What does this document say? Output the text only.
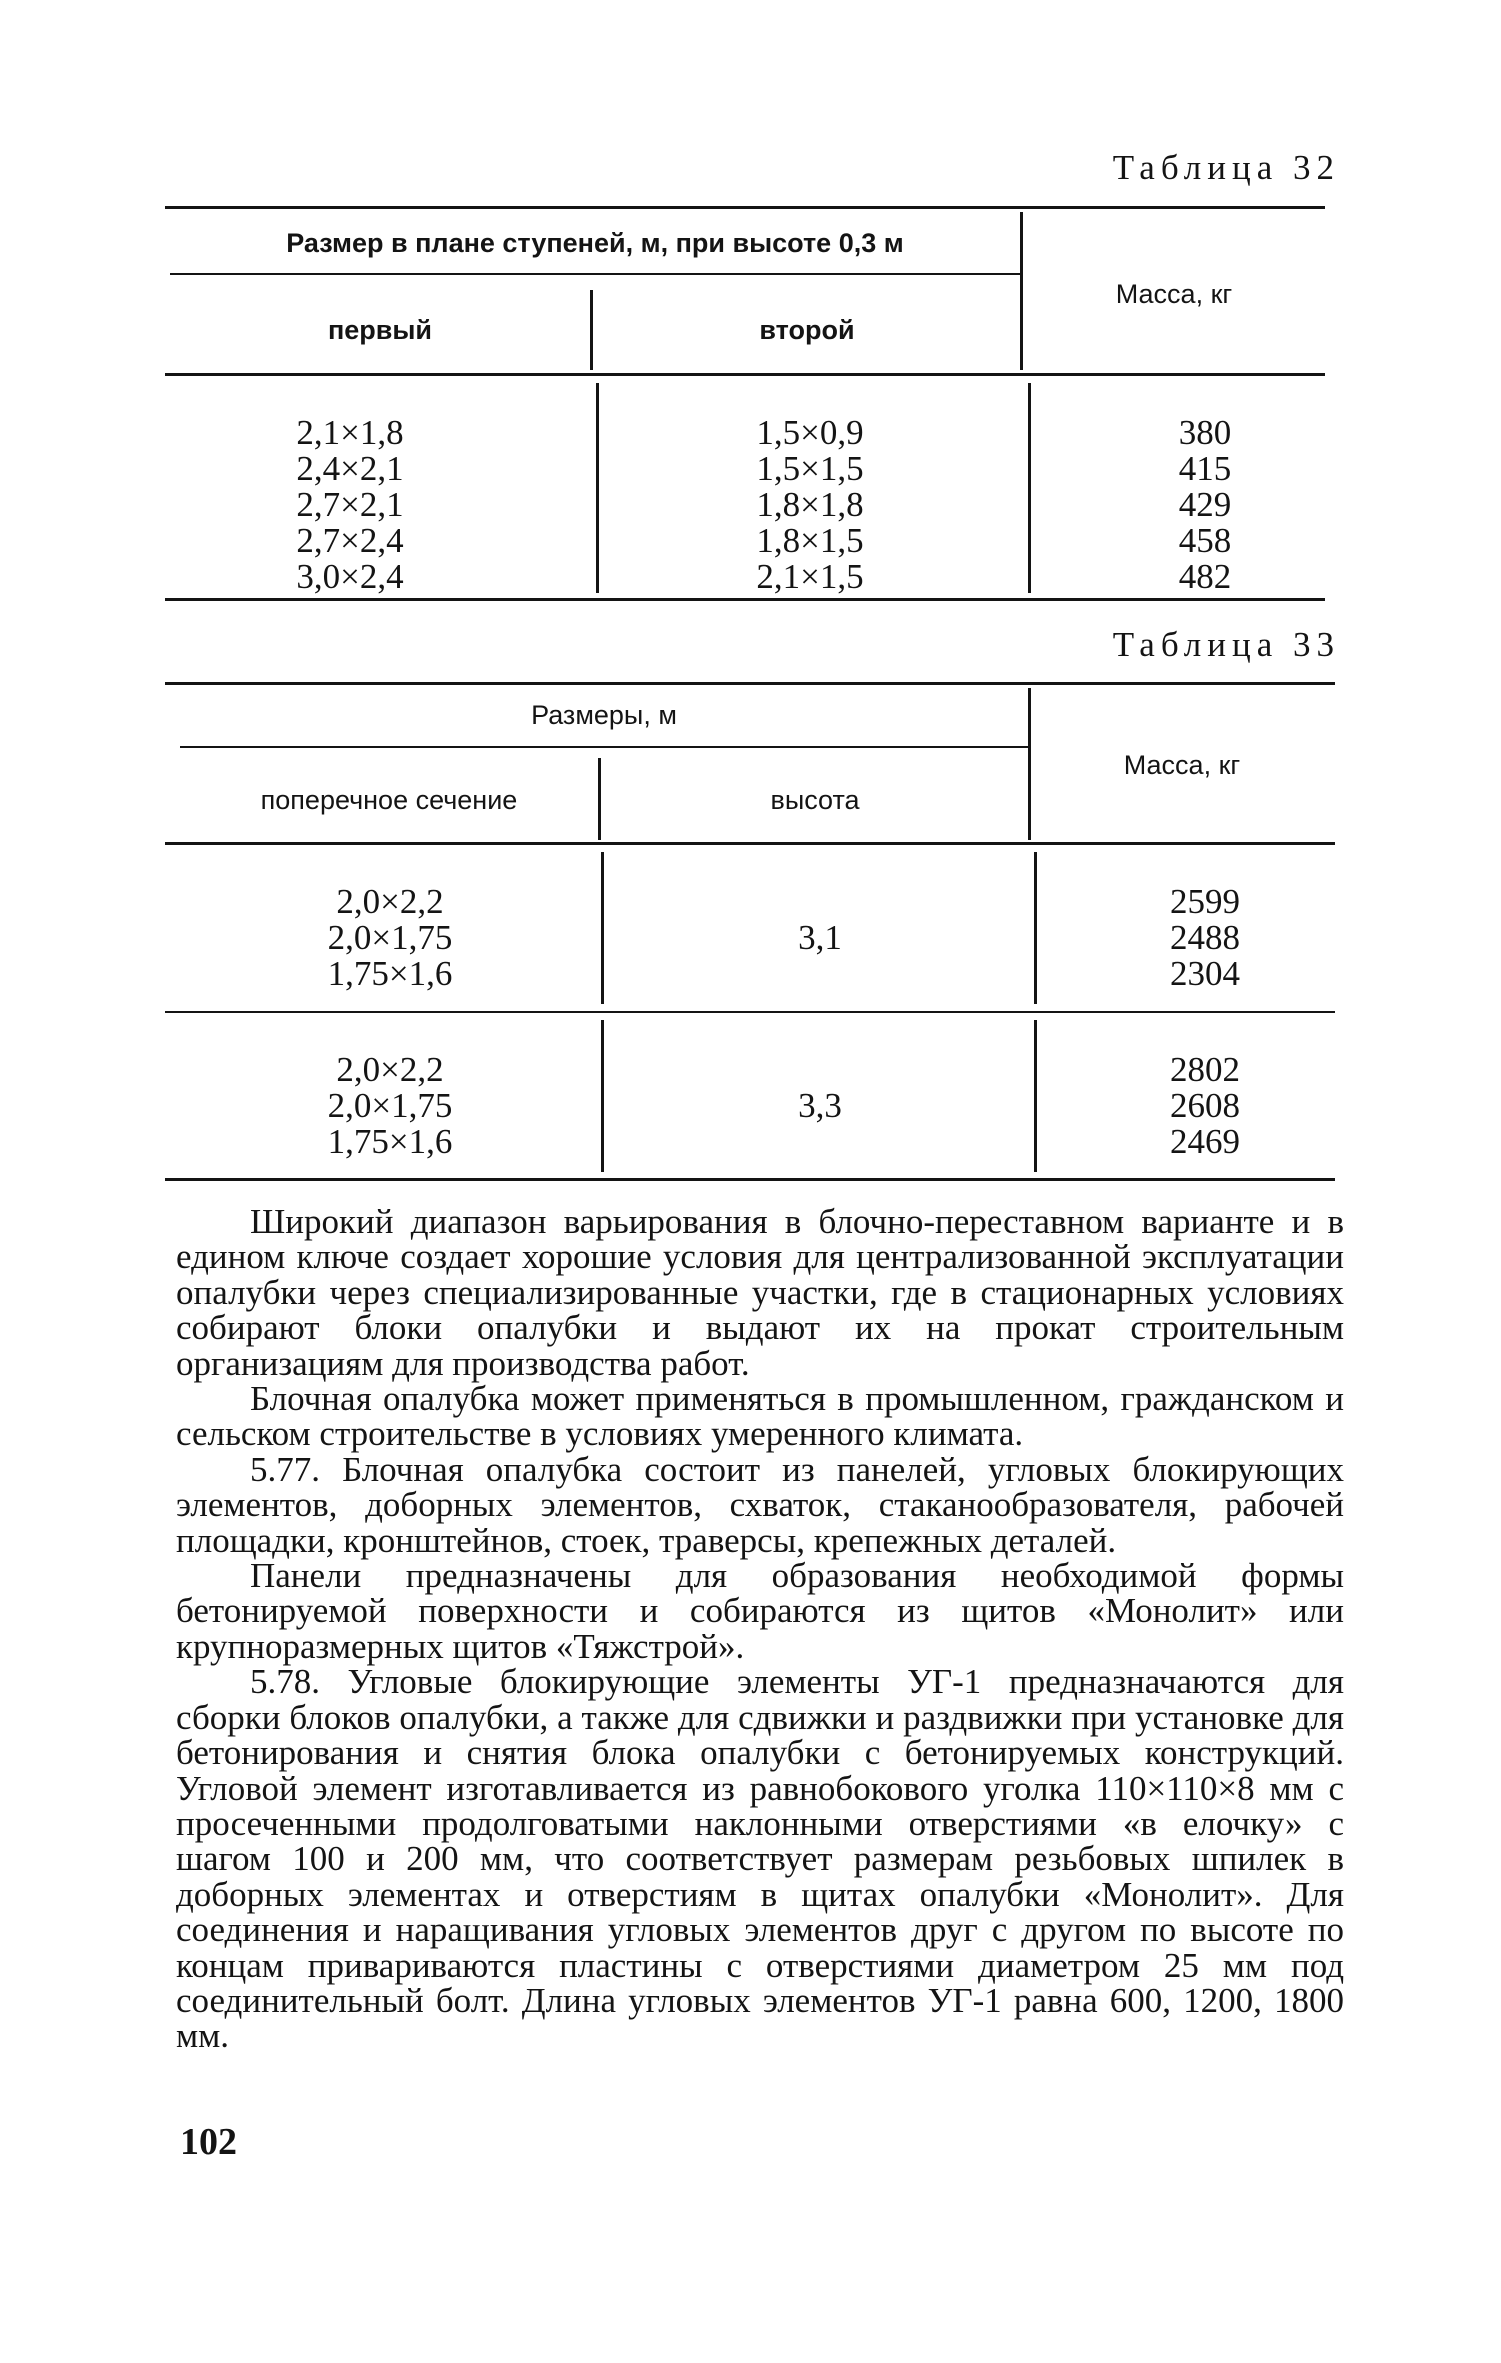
Таблица 32
Размер в плане ступеней, м, при высоте 0,3 м
первый	второй
Масса, кг
2,1×1,8
2,4×2,1
2,7×2,1
2,7×2,4
3,0×2,4
1,5×0,9
1,5×1,5
1,8×1,8
1,8×1,5
2,1×1,5
380
415
429
458
482
Таблица 33
Размеры, м
поперечное сечение	высота
Масса, кг
2,0×2,2
2,0×1,75
1,75×1,6
3,1
2599
2488
2304
2,0×2,2
2,0×1,75
1,75×1,6
3,3
2802
2608
2469

Широкий диапазон варьирования в блочно-переставном варианте и в едином ключе создает хорошие условия для централизованной эксплуатации опалубки через специализированные участки, где в стационарных условиях собирают блоки опалубки и выдают их на прокат строительным организациям для производства работ.

Блочная опалубка может применяться в промышленном, гражданском и сельском строительстве в условиях умеренного климата.

5.77. Блочная опалубка состоит из панелей, угловых блокирующих элементов, доборных элементов, схваток, стаканообразователя, рабочей площадки, кронштейнов, стоек, траверсы, крепежных деталей.

Панели предназначены для образования необходимой формы бетонируемой поверхности и собираются из щитов «Монолит» или крупноразмерных щитов «Тяжстрой».

5.78. Угловые блокирующие элементы УГ-1 предназначаются для сборки блоков опалубки, а также для сдвижки и раздвижки при установке для бетонирования и снятия блока опалубки с бетонируемых конструкций. Угловой элемент изготавливается из равнобокового уголка 110×110×8 мм с просеченными продолговатыми наклонными отверстиями «в елочку» с шагом 100 и 200 мм, что соответствует размерам резьбовых шпилек в доборных элементах и отверстиям в щитах опалубки «Монолит». Для соединения и наращивания угловых элементов друг с другом по высоте по концам привариваются пластины с отверстиями диаметром 25 мм под соединительный болт. Длина угловых элементов УГ-1 равна 600, 1200, 1800 мм.

102
